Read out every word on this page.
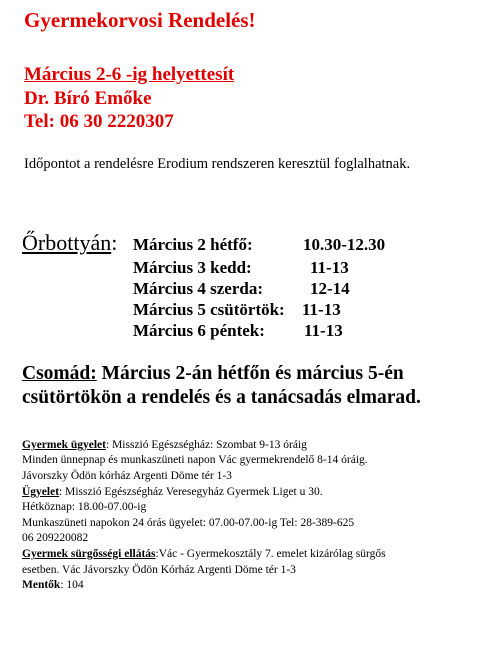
Gyermekorvosi Rendelés!
Március 2-6 -ig helyettesít
Dr. Bíró Emőke
Tel: 06 30 2220307
Időpontot a rendelésre Erodium rendszeren keresztül foglalhatnak.
Őrbottyán: Március 2 hétfő:	10.30-12.30
Március 3 kedd:	11-13
Március 4 szerda:	12-14
Március 5 csütörtök: 11-13
Március 6 péntek: 11-13
Csomád: Március 2-án hétfőn és március 5-én csütörtökön a rendelés és a tanácsadás elmarad.
Gyermek ügyelet: Misszió Egészségház: Szombat 9-13 óráig
Minden ünnepnap és munkaszüneti napon Vác gyermekrendelő 8-14 óráig.
Jávorszky Ödön kórház Argenti Döme tér 1-3
Ügyelet: Misszió Egészségház Veresegyház Gyermek Liget u 30.
Hétköznap: 18.00-07.00-ig
Munkaszüneti napokon 24 órás ügyelet: 07.00-07.00-ig Tel: 28-389-625
06 209220082
Gyermek sürgősségi ellátás:Vác - Gyermekosztály 7. emelet kizárólag sürgős
esetben. Vác Jávorszky Ödön Kórház Argenti Döme tér 1-3
Mentők: 104
